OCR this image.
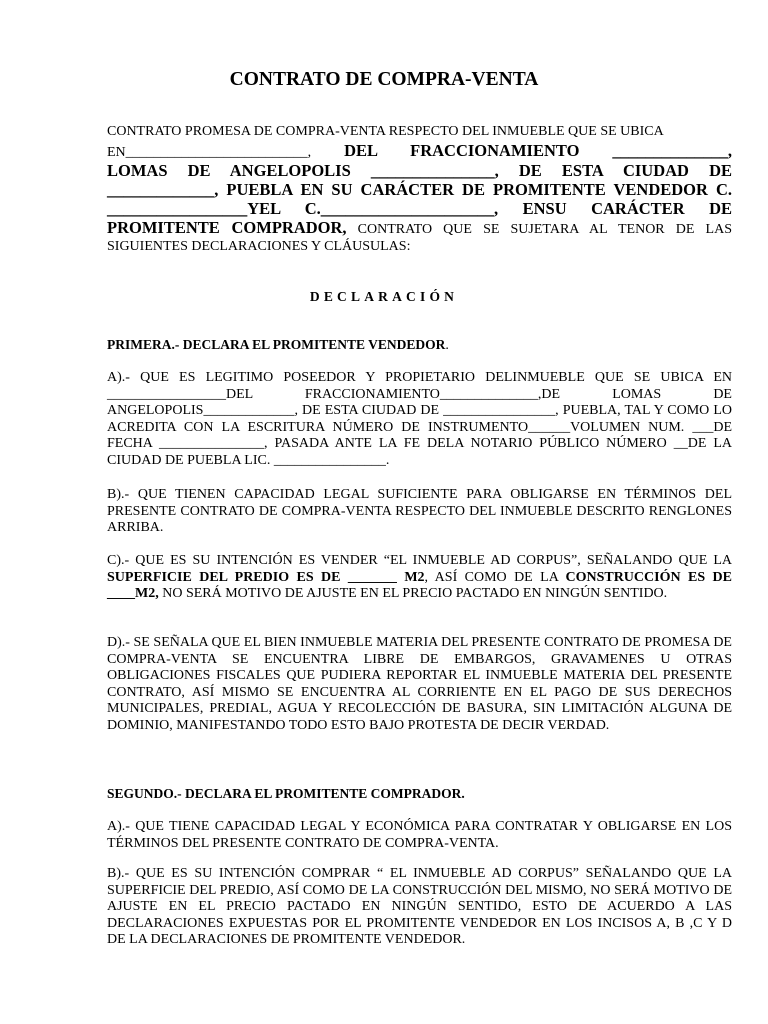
CONTRATO DE COMPRA-VENTA
CONTRATO PROMESA DE COMPRA-VENTA RESPECTO DEL INMUEBLE QUE SE UBICA
EN__________________________, DEL FRACCIONAMIENTO ______________,
LOMAS DE ANGELOPOLIS _______________, DE ESTA CIUDAD DE
_____________, PUEBLA EN SU CARÁCTER DE PROMITENTE VENDEDOR C.
_________________YEL C._____________________, ENSU CARÁCTER DE
PROMITENTE COMPRADOR, CONTRATO QUE SE SUJETARA AL TENOR DE LAS
SIGUIENTES DECLARACIONES Y CLÁUSULAS:
DECLARACIÓN
PRIMERA.- DECLARA EL PROMITENTE VENDEDOR.

A).- QUE ES LEGITIMO POSEEDOR Y PROPIETARIO DELINMUEBLE QUE SE UBICA EN _________________DEL FRACCIONAMIENTO______________,DE LOMAS DE ANGELOPOLIS_____________, DE ESTA CIUDAD DE ________________, PUEBLA, TAL Y COMO LO ACREDITA CON LA ESCRITURA NÚMERO DE INSTRUMENTO______VOLUMEN NUM. ___DE FECHA _______________, PASADA ANTE LA FE DELA NOTARIO PÚBLICO NÚMERO __DE LA CIUDAD DE PUEBLA LIC. ________________.

B).- QUE TIENEN CAPACIDAD LEGAL SUFICIENTE PARA OBLIGARSE EN TÉRMINOS DEL PRESENTE CONTRATO DE COMPRA-VENTA RESPECTO DEL INMUEBLE DESCRITO RENGLONES ARRIBA.

C).- QUE ES SU INTENCIÓN ES VENDER “EL INMUEBLE AD CORPUS”, SEÑALANDO QUE LA SUPERFICIE DEL PREDIO ES DE _______ M2, ASÍ COMO DE LA CONSTRUCCIÓN ES DE ____M2, NO SERÁ MOTIVO DE AJUSTE EN EL PRECIO PACTADO EN NINGÚN SENTIDO.

D).- SE SEÑALA QUE EL BIEN INMUEBLE MATERIA DEL PRESENTE CONTRATO DE PROMESA DE COMPRA-VENTA SE ENCUENTRA LIBRE DE EMBARGOS, GRAVAMENES U OTRAS OBLIGACIONES FISCALES QUE PUDIERA REPORTAR EL INMUEBLE MATERIA DEL PRESENTE CONTRATO, ASÍ MISMO SE ENCUENTRA AL CORRIENTE EN EL PAGO DE SUS DERECHOS MUNICIPALES, PREDIAL, AGUA Y RECOLECCIÓN DE BASURA, SIN LIMITACIÓN ALGUNA DE DOMINIO, MANIFESTANDO TODO ESTO BAJO PROTESTA DE DECIR VERDAD.

SEGUNDO.- DECLARA EL PROMITENTE COMPRADOR.

A).- QUE TIENE CAPACIDAD LEGAL Y ECONÓMICA PARA CONTRATAR Y OBLIGARSE EN LOS TÉRMINOS DEL PRESENTE CONTRATO DE COMPRA-VENTA.

B).- QUE ES SU INTENCIÓN COMPRAR “ EL INMUEBLE AD CORPUS” SEÑALANDO QUE LA SUPERFICIE DEL PREDIO, ASÍ COMO DE LA CONSTRUCCIÓN DEL MISMO, NO SERÁ MOTIVO DE AJUSTE EN EL PRECIO PACTADO EN NINGÚN SENTIDO, ESTO DE ACUERDO A LAS DECLARACIONES EXPUESTAS POR EL PROMITENTE VENDEDOR EN LOS INCISOS A, B ,C Y D DE LA DECLARACIONES DE PROMITENTE VENDEDOR.
